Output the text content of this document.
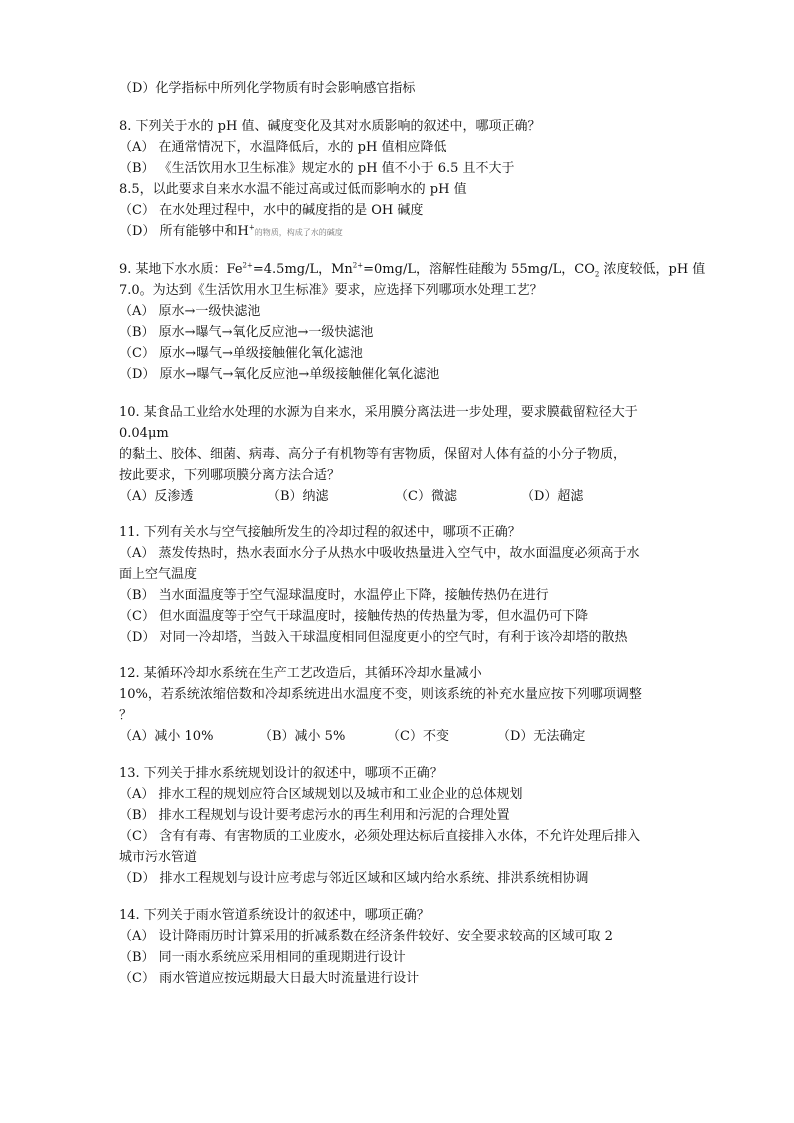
（D）化学指标中所列化学物质有时会影响感官指标
8. 下列关于水的 pH 值、碱度变化及其对水质影响的叙述中，哪项正确？
（A） 在通常情况下，水温降低后，水的 pH 值相应降低
（B） 《生活饮用水卫生标准》规定水的 pH 值不小于 6.5 且不大于
8.5，以此要求自来水水温不能过高或过低而影响水的 pH 值
（C） 在水处理过程中，水中的碱度指的是 OH 碱度
（D） 所有能够中和H+的物质，构成了水的碱度
9. 某地下水水质：$Fe^{2+}=4.5mg/L$，$Mn^{2+}=0mg/L$，溶解性硅酸为 55mg/L，$CO_2$ 浓度较低，pH 值
7.0。为达到《生活饮用水卫生标准》要求，应选择下列哪项水处理工艺？
（A） 原水→一级快滤池
（B） 原水→曝气→氧化反应池→一级快滤池
（C） 原水→曝气→单级接触催化氧化滤池
（D） 原水→曝气→氧化反应池→单级接触催化氧化滤池
10. 某食品工业给水处理的水源为自来水，采用膜分离法进一步处理，要求膜截留粒径大于
0.04μm
的黏土、胶体、细菌、病毒、高分子有机物等有害物质，保留对人体有益的小分子物质，
按此要求，下列哪项膜分离方法合适？
（A）反渗透	（B）纳滤	（C）微滤	（D）超滤
11. 下列有关水与空气接触所发生的冷却过程的叙述中，哪项不正确？
（A） 蒸发传热时，热水表面水分子从热水中吸收热量进入空气中，故水面温度必须高于水
面上空气温度
（B） 当水面温度等于空气湿球温度时，水温停止下降，接触传热仍在进行
（C） 但水面温度等于空气干球温度时，接触传热的传热量为零，但水温仍可下降
（D） 对同一冷却塔，当鼓入干球温度相同但湿度更小的空气时，有利于该冷却塔的散热
12. 某循环冷却水系统在生产工艺改造后，其循环冷却水量减小
10%，若系统浓缩倍数和冷却系统进出水温度不变，则该系统的补充水量应按下列哪项调整
？
（A）减小 10%	（B）减小 5%	（C）不变	（D）无法确定
13. 下列关于排水系统规划设计的叙述中，哪项不正确？
（A） 排水工程的规划应符合区域规划以及城市和工业企业的总体规划
（B） 排水工程规划与设计要考虑污水的再生利用和污泥的合理处置
（C） 含有有毒、有害物质的工业废水，必须处理达标后直接排入水体，不允许处理后排入
城市污水管道
（D） 排水工程规划与设计应考虑与邻近区域和区域内给水系统、排洪系统相协调
14. 下列关于雨水管道系统设计的叙述中，哪项正确？
（A） 设计降雨历时计算采用的折减系数在经济条件较好、安全要求较高的区域可取 2
（B） 同一雨水系统应采用相同的重现期进行设计
（C） 雨水管道应按远期最大日最大时流量进行设计
